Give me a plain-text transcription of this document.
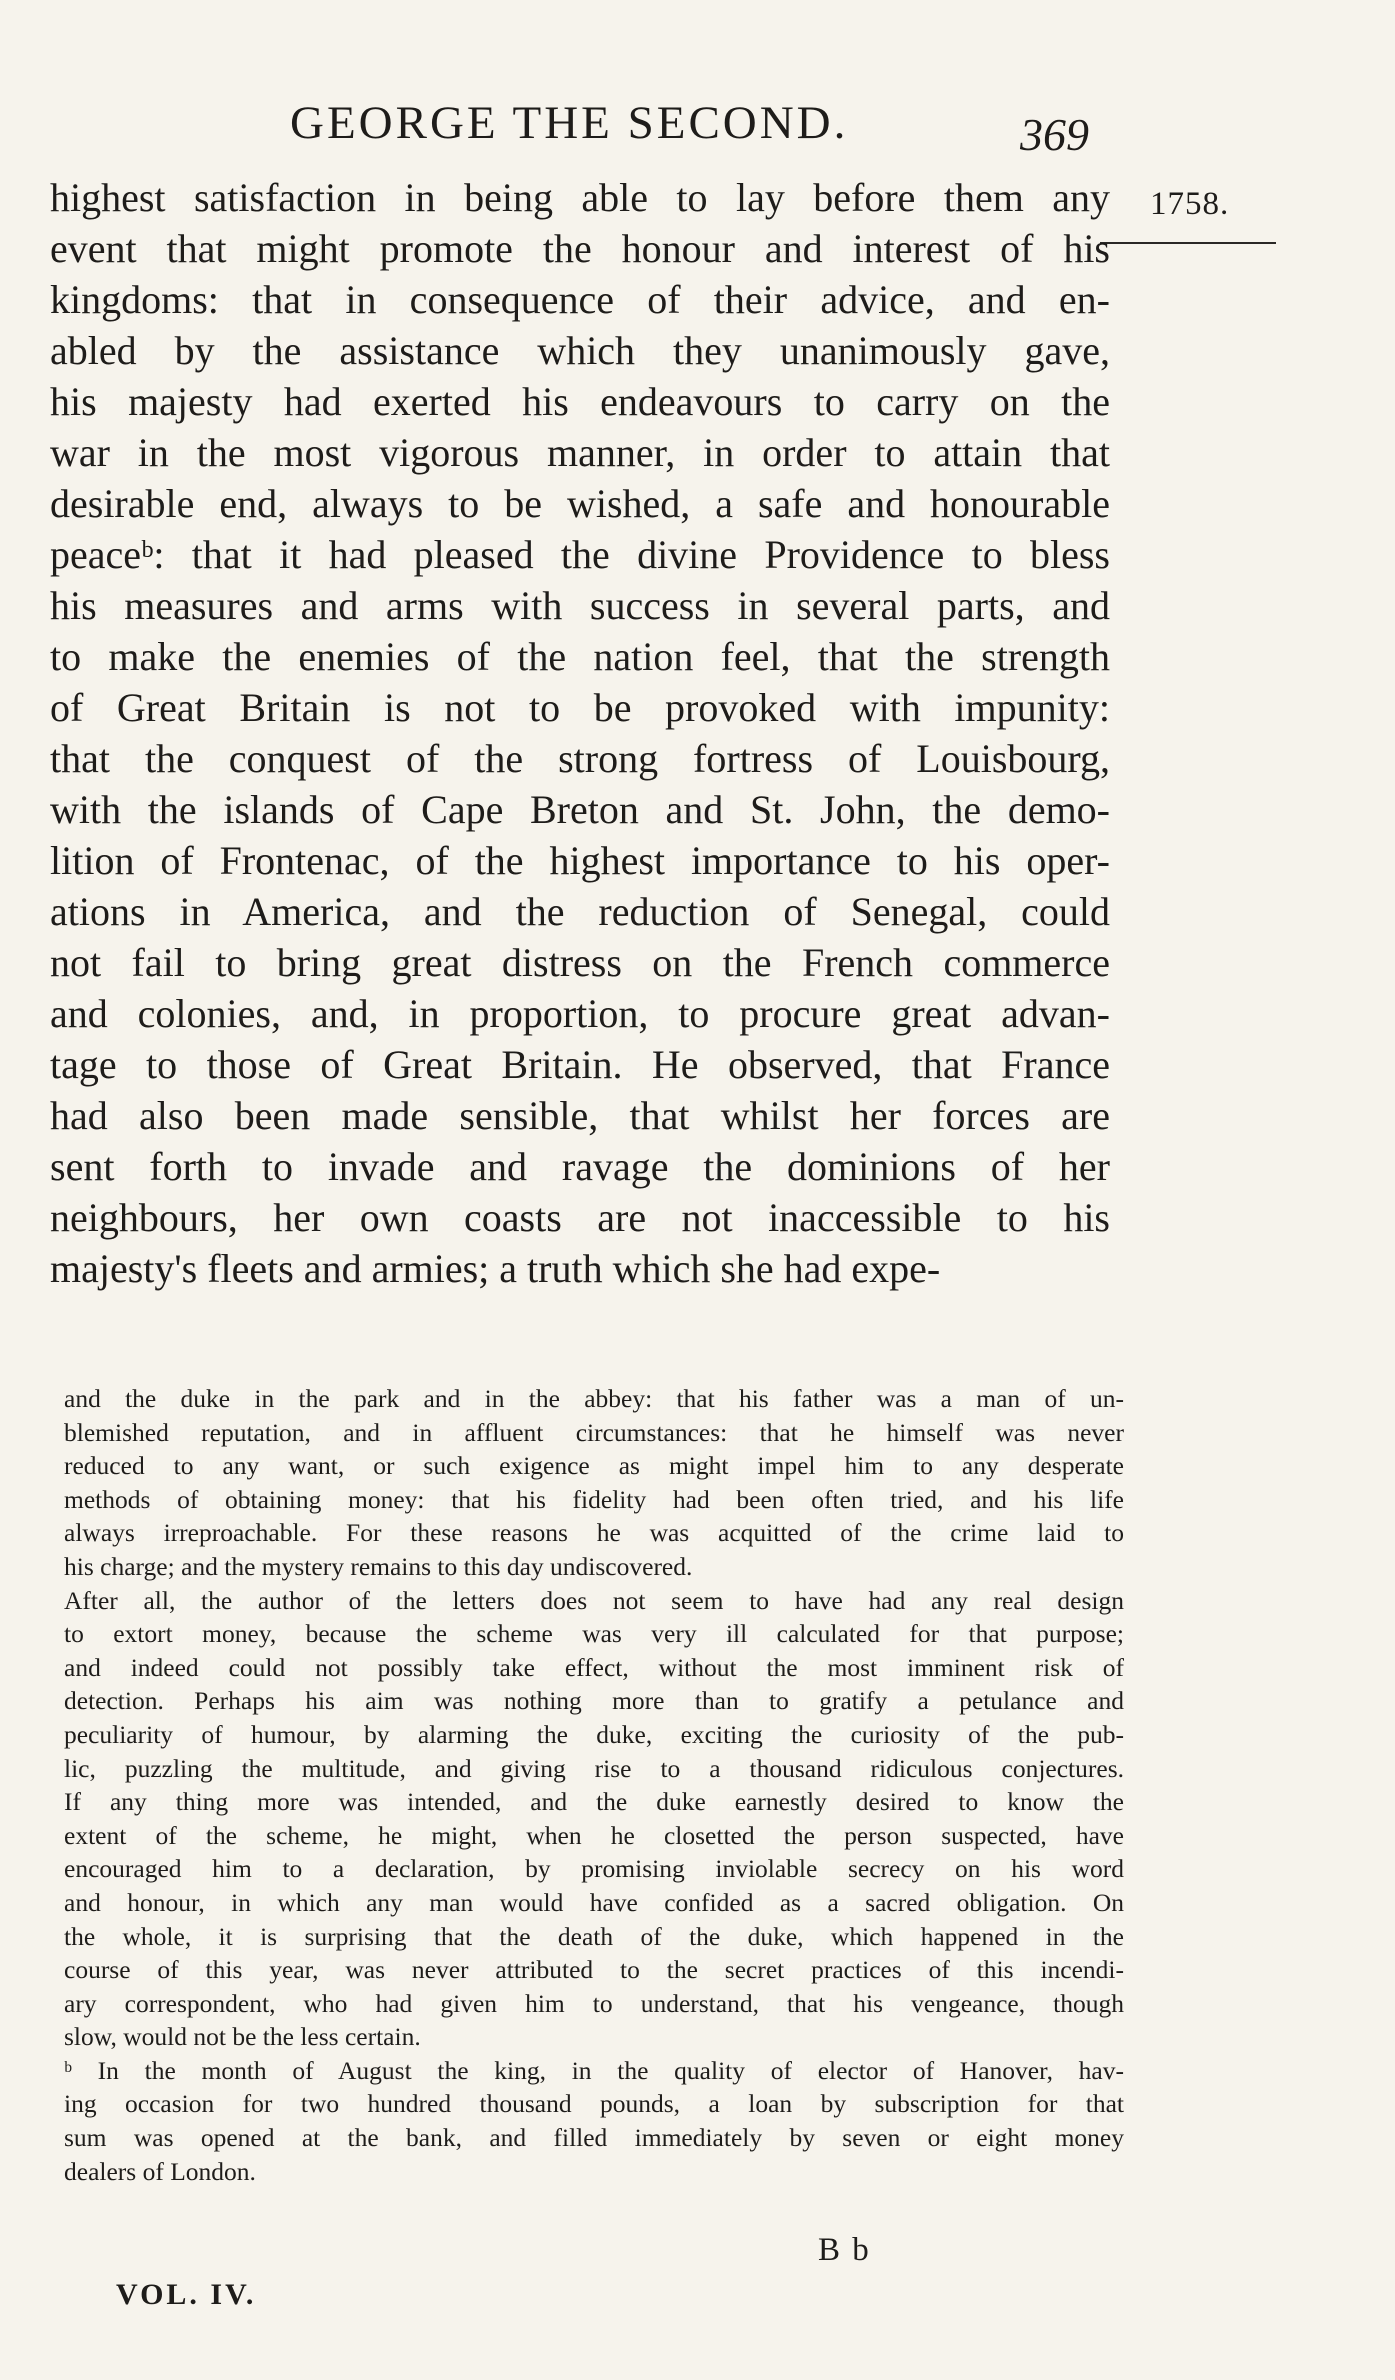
GEORGE THE SECOND.	369
1758.
highest satisfaction in being able to lay before them any
event that might promote the honour and interest of his
kingdoms: that in consequence of their advice, and en-
abled by the assistance which they unanimously gave,
his majesty had exerted his endeavours to carry on the
war in the most vigorous manner, in order to attain that
desirable end, always to be wished, a safe and honourable
peaceᵇ: that it had pleased the divine Providence to bless
his measures and arms with success in several parts, and
to make the enemies of the nation feel, that the strength
of Great Britain is not to be provoked with impunity:
that the conquest of the strong fortress of Louisbourg,
with the islands of Cape Breton and St. John, the demo-
lition of Frontenac, of the highest importance to his oper-
ations in America, and the reduction of Senegal, could
not fail to bring great distress on the French commerce
and colonies, and, in proportion, to procure great advan-
tage to those of Great Britain. He observed, that France
had also been made sensible, that whilst her forces are
sent forth to invade and ravage the dominions of her
neighbours, her own coasts are not inaccessible to his
majesty's fleets and armies; a truth which she had expe-
and the duke in the park and in the abbey: that his father was a man of un-
blemished reputation, and in affluent circumstances: that he himself was never
reduced to any want, or such exigence as might impel him to any desperate
methods of obtaining money: that his fidelity had been often tried, and his life
always irreproachable. For these reasons he was acquitted of the crime laid to
his charge; and the mystery remains to this day undiscovered.
After all, the author of the letters does not seem to have had any real design
to extort money, because the scheme was very ill calculated for that purpose;
and indeed could not possibly take effect, without the most imminent risk of
detection. Perhaps his aim was nothing more than to gratify a petulance and
peculiarity of humour, by alarming the duke, exciting the curiosity of the pub-
lic, puzzling the multitude, and giving rise to a thousand ridiculous conjectures.
If any thing more was intended, and the duke earnestly desired to know the
extent of the scheme, he might, when he closetted the person suspected, have
encouraged him to a declaration, by promising inviolable secrecy on his word
and honour, in which any man would have confided as a sacred obligation. On
the whole, it is surprising that the death of the duke, which happened in the
course of this year, was never attributed to the secret practices of this incendi-
ary correspondent, who had given him to understand, that his vengeance, though
slow, would not be the less certain.
ᵇ In the month of August the king, in the quality of elector of Hanover, hav-
ing occasion for two hundred thousand pounds, a loan by subscription for that
sum was opened at the bank, and filled immediately by seven or eight money
dealers of London.
B b
VOL. IV.
